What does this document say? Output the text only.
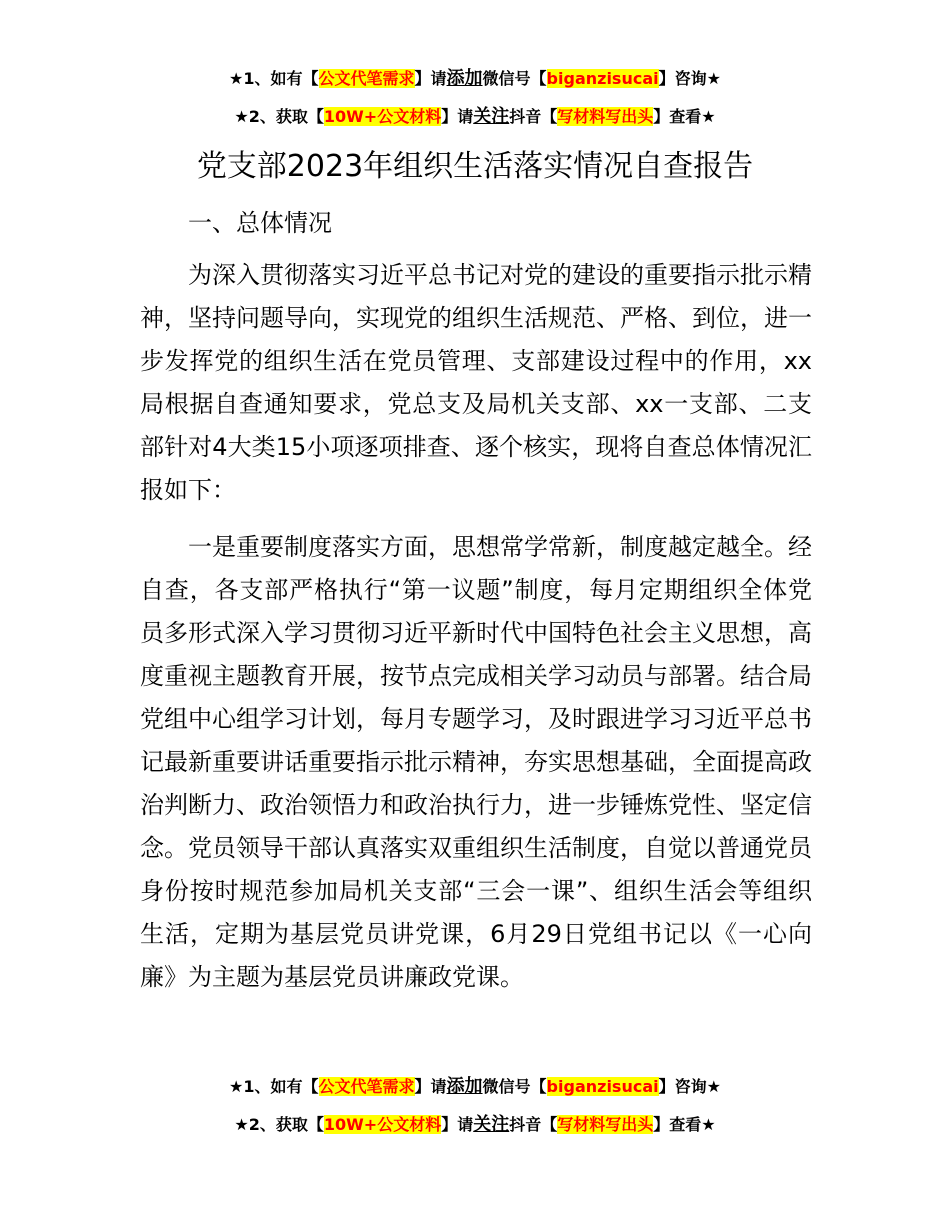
★1、如有【公文代笔需求】请添加微信号【biganzisucai】咨询★
★2、获取【10W+公文材料】请关注抖音【写材料写出头】查看★
党支部2023年组织生活落实情况自查报告
一、总体情况

为深入贯彻落实习近平总书记对党的建设的重要指示批示精神，坚持问题导向，实现党的组织生活规范、严格、到位，进一步发挥党的组织生活在党员管理、支部建设过程中的作用，xx局根据自查通知要求，党总支及局机关支部、xx一支部、二支部针对4大类15小项逐项排查、逐个核实，现将自查总体情况汇报如下：

一是重要制度落实方面，思想常学常新，制度越定越全。经自查，各支部严格执行“第一议题”制度，每月定期组织全体党员多形式深入学习贯彻习近平新时代中国特色社会主义思想，高度重视主题教育开展，按节点完成相关学习动员与部署。结合局党组中心组学习计划，每月专题学习，及时跟进学习习近平总书记最新重要讲话重要指示批示精神，夯实思想基础，全面提高政治判断力、政治领悟力和政治执行力，进一步锤炼党性、坚定信念。党员领导干部认真落实双重组织生活制度，自觉以普通党员身份按时规范参加局机关支部“三会一课”、组织生活会等组织生活，定期为基层党员讲党课，6月29日党组书记以《一心向廉》为主题为基层党员讲廉政党课。

★1、如有【公文代笔需求】请添加微信号【biganzisucai】咨询★
★2、获取【10W+公文材料】请关注抖音【写材料写出头】查看★
